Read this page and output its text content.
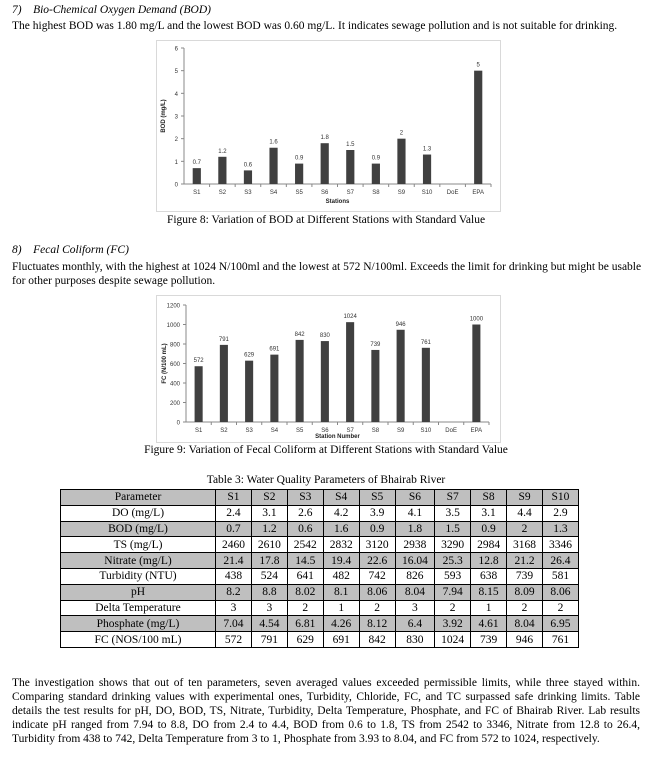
7) Bio-Chemical Oxygen Demand (BOD)
The highest BOD was 1.80 mg/L and the lowest BOD was 0.60 mg/L. It indicates sewage pollution and is not suitable for drinking.
0
1
2
3
4
5
6
S1
0.7
S2
1.2
S3
0.6
S4
1.6
S5
0.9
S6
1.8
S7
1.5
S8
0.9
S9
2
S10
1.3
DoE EPA
5
Stations
BOD (mg/L)
Figure 8: Variation of BOD at Different Stations with Standard Value
8) Fecal Coliform (FC)
Fluctuates monthly, with the highest at 1024 N/100ml and the lowest at 572 N/100ml. Exceeds the limit for drinking but might be usable for other purposes despite sewage pollution.
0
200
400
600
800
1000
1200
S1
572
S2
791
S3
629
S4
691
S5
842
S6
830
S7
1024
S8
739
S9
946
S10
761
DoE EPA
1000
Station Number
FC (N/100 mL)
Figure 9: Variation of Fecal Coliform at Different Stations with Standard Value
Table 3: Water Quality Parameters of Bhairab River
Parameter	S1	S2	S3	S4	S5	S6	S7	S8	S9	S10
DO (mg/L)	2.4	3.1	2.6	4.2	3.9	4.1	3.5	3.1	4.4	2.9
BOD (mg/L)	0.7	1.2	0.6	1.6	0.9	1.8	1.5	0.9	2	1.3
TS (mg/L)	2460	2610	2542	2832	3120	2938	3290	2984	3168	3346
Nitrate (mg/L)	21.4	17.8	14.5	19.4	22.6	16.04	25.3	12.8	21.2	26.4
Turbidity (NTU)	438	524	641	482	742	826	593	638	739	581
pH	8.2	8.8	8.02	8.1	8.06	8.04	7.94	8.15	8.09	8.06
Delta Temperature	3	3	2	1	2	3	2	1	2	2
Phosphate (mg/L)	7.04	4.54	6.81	4.26	8.12	6.4	3.92	4.61	8.04	6.95
FC (NOS/100 mL)	572	791	629	691	842	830	1024	739	946	761
The investigation shows that out of ten parameters, seven averaged values exceeded permissible limits, while three stayed within. Comparing standard drinking values with experimental ones, Turbidity, Chloride, FC, and TC surpassed safe drinking limits. Table details the test results for pH, DO, BOD, TS, Nitrate, Turbidity, Delta Temperature, Phosphate, and FC of Bhairab River. Lab results indicate pH ranged from 7.94 to 8.8, DO from 2.4 to 4.4, BOD from 0.6 to 1.8, TS from 2542 to 3346, Nitrate from 12.8 to 26.4, Turbidity from 438 to 742, Delta Temperature from 3 to 1, Phosphate from 3.93 to 8.04, and FC from 572 to 1024, respectively.
